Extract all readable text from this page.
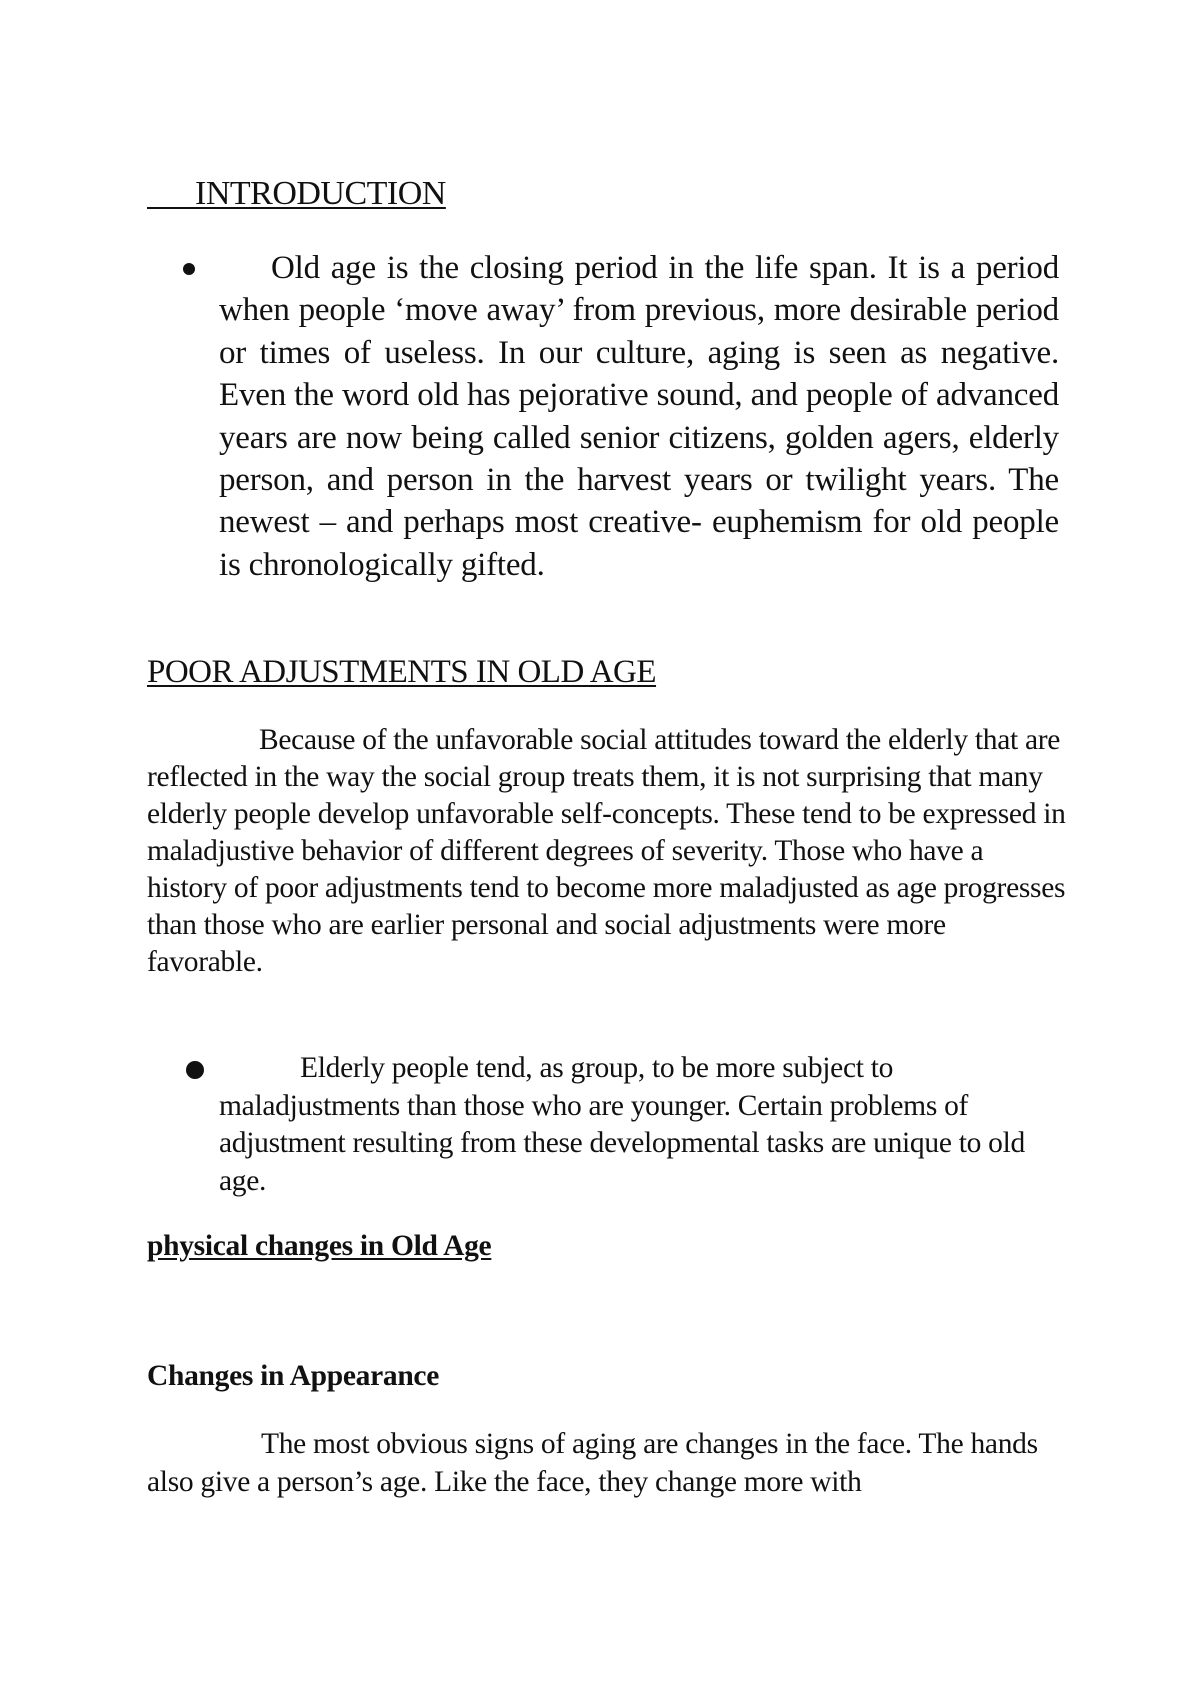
INTRODUCTION
Old age is the closing period in the life span. It is a period when people ‘move away’ from previous, more desirable period or times of useless. In our culture, aging is seen as negative. Even the word old has pejorative sound, and people of advanced years are now being called senior citizens, golden agers, elderly person, and person in the harvest years or twilight years. The newest – and perhaps most creative- euphemism for old people is chronologically gifted.
POOR ADJUSTMENTS IN OLD AGE
Because of the unfavorable social attitudes toward the elderly that are reflected in the way the social group treats them, it is not surprising that many elderly people develop unfavorable self-concepts. These tend to be expressed in maladjustive behavior of different degrees of severity. Those who have a history of poor adjustments tend to become more maladjusted as age progresses than those who are earlier personal and social adjustments were more favorable.
Elderly people tend, as group, to be more subject to maladjustments than those who are younger. Certain problems of adjustment resulting from these developmental tasks are unique to old age.
physical changes in Old Age
Changes in Appearance
The most obvious signs of aging are changes in the face. The hands also give a person’s age. Like the face, they change more with
